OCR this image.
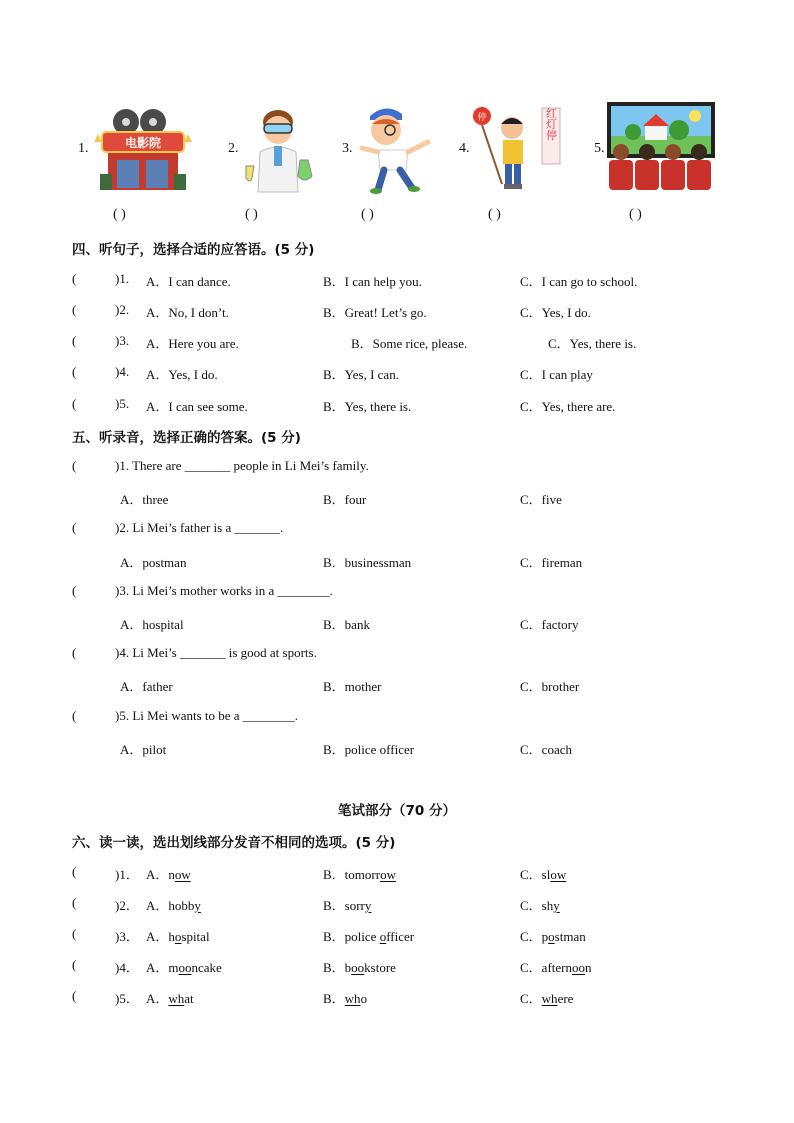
1.	2.	3.	4.	5.
电影院
停	红灯停
( )	( )	( )	( )	( )
四、听句子，选择合适的应答语。(5 分)
(	)1. A．I can dance.	B．I can help you.	C．I can go to school.
(	)2. A．No, I don’t.	B．Great! Let’s go.	C．Yes, I do.
(	)3. A．Here you are.	B．Some rice, please.	C．Yes, there is.
(	)4. A．Yes, I do.	B．Yes, I can.	C．I can play
(	)5. A．I can see some.	B．Yes, there is.	C．Yes, there are.
五、听录音，选择正确的答案。(5 分)
(	)1. There are _______ people in Li Mei’s family.
A．three	B．four	C．five
(	)2. Li Mei’s father is a _______.
A．postman	B．businessman	C．fireman
(	)3. Li Mei’s mother works in a ________.
A．hospital	B．bank	C．factory
(	)4. Li Mei’s _______ is good at sports.
A．father	B．mother	C．brother
(	)5. Li Mei wants to be a ________.
A．pilot	B．police officer	C．coach
笔试部分（70 分）
六、读一读，选出划线部分发音不相同的选项。(5 分)
(	)1． A．now	B．tomorrow	C．slow
(	)2． A．hobby	B．sorry	C．shy
(	)3． A．hospital	B．police officer	C．postman
(	)4． A．mooncake	B．bookstore	C．afternoon
(	)5． A．what	B．who	C．where
